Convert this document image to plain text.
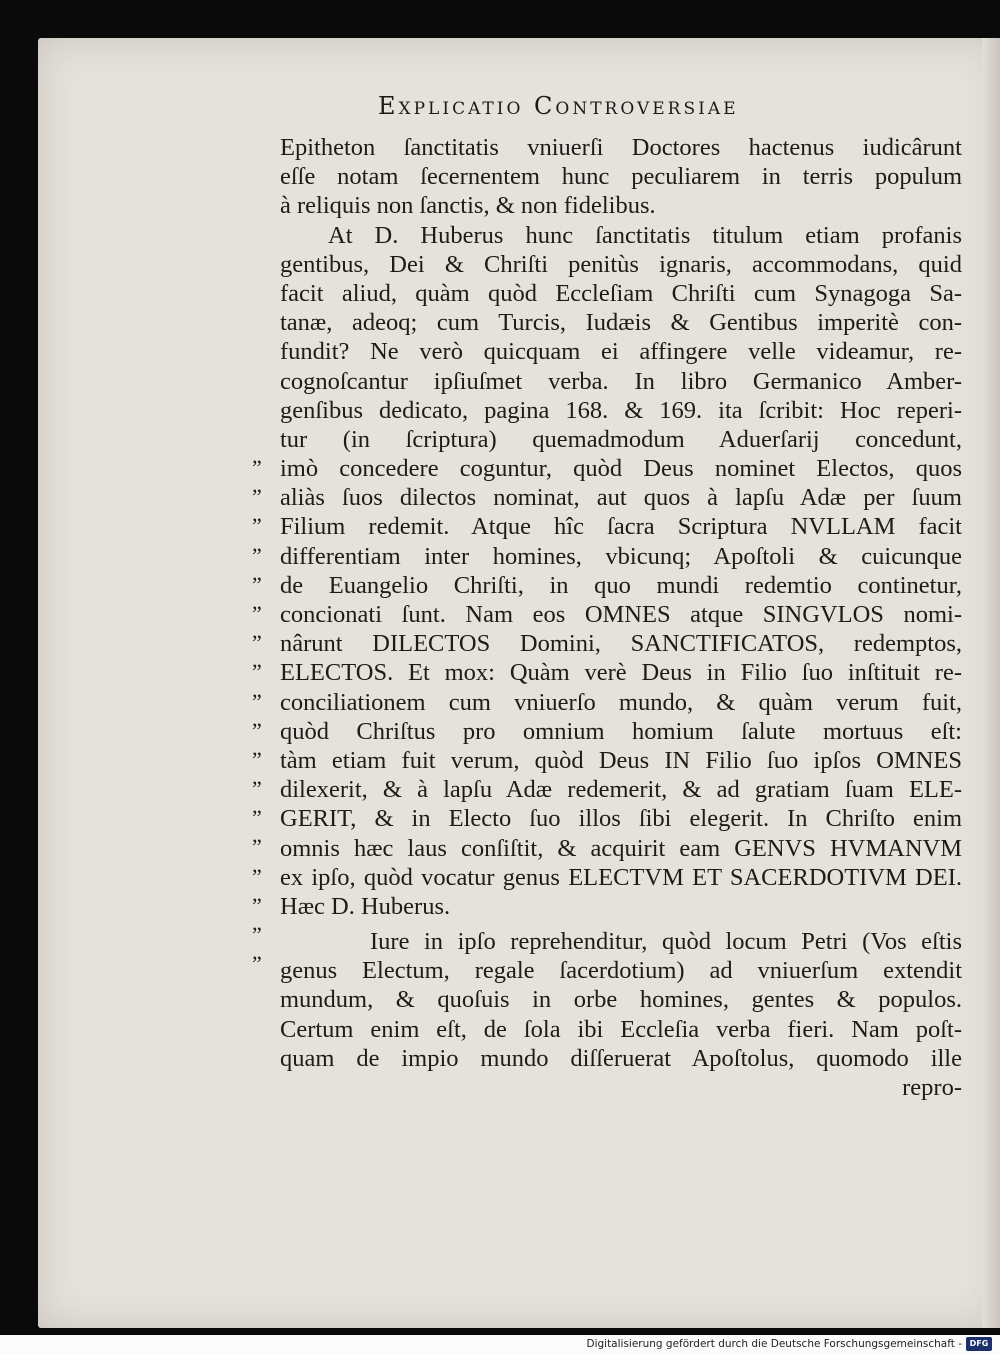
Explicatio Controversiae
„
„
„
„
„
„
„
„
„
„
„
„
„
„
„
„
„
„
Epitheton ſanctitatis vniuerſi Doctores hactenus iudicârunt
eſſe notam ſecernentem hunc peculiarem in terris populum
à reliquis non ſanctis, & non fidelibus.
At D. Huberus hunc ſanctitatis titulum etiam profanis
gentibus, Dei & Chriſti penitùs ignaris, accommodans, quid
facit aliud, quàm quòd Eccleſiam Chriſti cum Synagoga Sa-
tanæ, adeoq; cum Turcis, Iudæis & Gentibus imperitè con-
fundit? Ne verò quicquam ei affingere velle videamur, re-
cognoſcantur ipſiuſmet verba. In libro Germanico Amber-
genſibus dedicato, pagina 168. & 169. ita ſcribit: Hoc reperi-
tur (in ſcriptura) quemadmodum Aduerſarij concedunt,
imò concedere coguntur, quòd Deus nominet Electos, quos
aliàs ſuos dilectos nominat, aut quos à lapſu Adæ per ſuum
Filium redemit. Atque hîc ſacra Scriptura NVLLAM facit
differentiam inter homines, vbicunq; Apoſtoli & cuicunque
de Euangelio Chriſti, in quo mundi redemtio continetur,
concionati ſunt. Nam eos OMNES atque SINGVLOS nomi-
nârunt DILECTOS Domini, SANCTIFICATOS, redemptos,
ELECTOS. Et mox: Quàm verè Deus in Filio ſuo inſtituit re-
conciliationem cum vniuerſo mundo, & quàm verum fuit,
quòd Chriſtus pro omnium homium ſalute mortuus eſt:
tàm etiam fuit verum, quòd Deus IN Filio ſuo ipſos OMNES
dilexerit, & à lapſu Adæ redemerit, & ad gratiam ſuam ELE-
GERIT, & in Electo ſuo illos ſibi elegerit. In Chriſto enim
omnis hæc laus conſiſtit, & acquirit eam GENVS HVMANVM
ex ipſo, quòd vocatur genus ELECTVM ET SACERDOTIVM DEI.
Hæc D. Huberus.
Iure in ipſo reprehenditur, quòd locum Petri (Vos eſtis
genus Electum, regale ſacerdotium) ad vniuerſum extendit
mundum, & quoſuis in orbe homines, gentes & populos.
Certum enim eſt, de ſola ibi Eccleſia verba fieri. Nam poſt-
quam de impio mundo diſſeruerat Apoſtolus, quomodo ille
repro-
Digitalisierung gefördert durch die Deutsche Forschungsgemeinschaft - DFG
